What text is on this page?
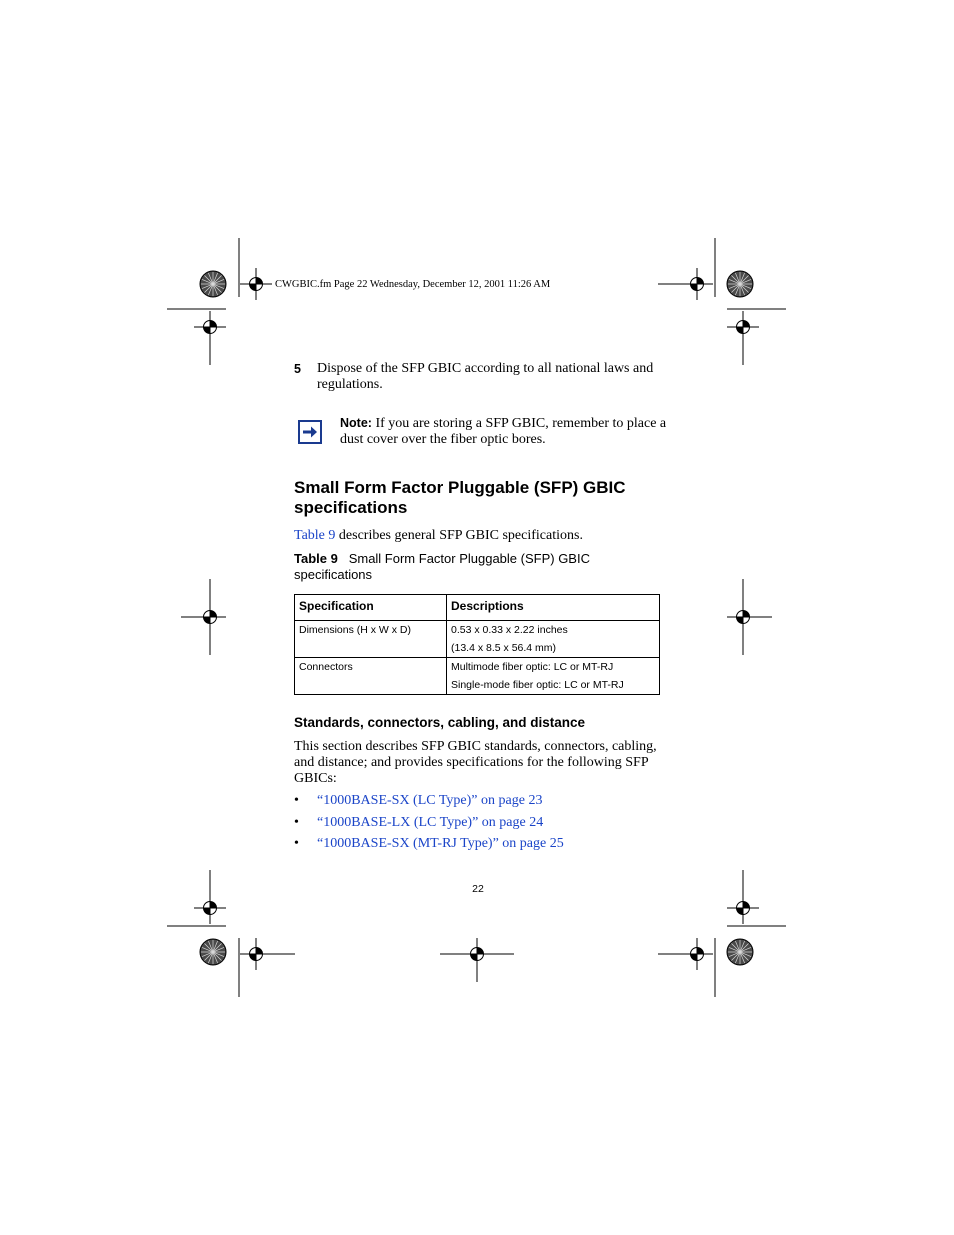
CWGBIC.fm Page 22 Wednesday, December 12, 2001 11:26 AM
5 Dispose of the SFP GBIC according to all national laws and regulations.
Note: If you are storing a SFP GBIC, remember to place a dust cover over the fiber optic bores.
Small Form Factor Pluggable (SFP) GBIC specifications
Table 9 describes general SFP GBIC specifications.
Table 9 Small Form Factor Pluggable (SFP) GBIC specifications
Specification	Descriptions
Dimensions (H x W x D)	0.53 x 0.33 x 2.22 inches
(13.4 x 8.5 x 56.4 mm)

Connectors	Multimode fiber optic: LC or MT-RJ
Single-mode fiber optic: LC or MT-RJ
Standards, connectors, cabling, and distance
This section describes SFP GBIC standards, connectors, cabling, and distance; and provides specifications for the following SFP GBICs:
• “1000BASE-SX (LC Type)” on page 23
• “1000BASE-LX (LC Type)” on page 24
• “1000BASE-SX (MT-RJ Type)” on page 25
22
